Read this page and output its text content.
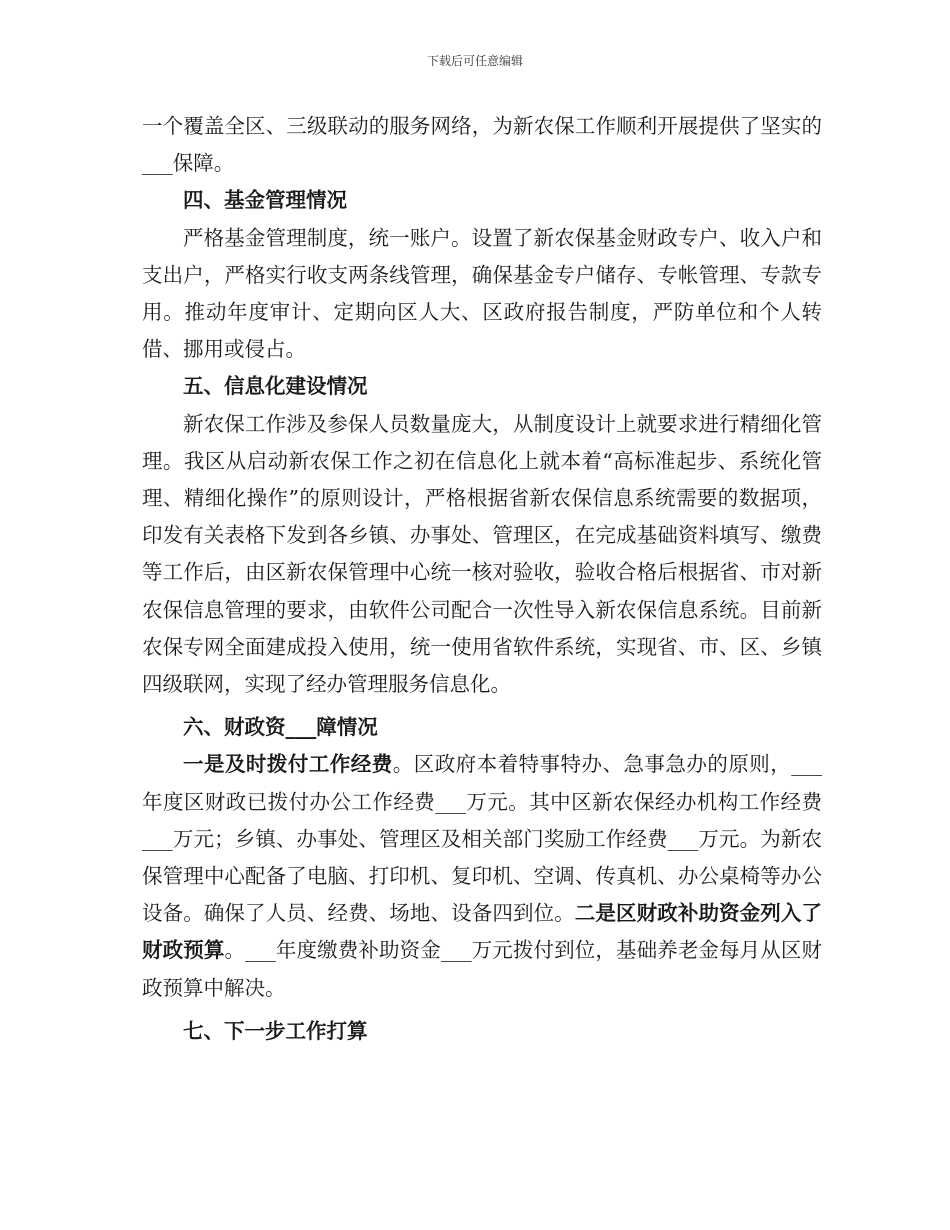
下载后可任意编辑

一个覆盖全区、三级联动的服务网络，为新农保工作顺利开展提供了坚实的___保障。

四、基金管理情况

严格基金管理制度，统一账户。设置了新农保基金财政专户、收入户和支出户，严格实行收支两条线管理，确保基金专户储存、专帐管理、专款专用。推动年度审计、定期向区人大、区政府报告制度，严防单位和个人转借、挪用或侵占。

五、信息化建设情况

新农保工作涉及参保人员数量庞大，从制度设计上就要求进行精细化管理。我区从启动新农保工作之初在信息化上就本着“高标准起步、系统化管理、精细化操作”的原则设计，严格根据省新农保信息系统需要的数据项，印发有关表格下发到各乡镇、办事处、管理区，在完成基础资料填写、缴费等工作后，由区新农保管理中心统一核对验收，验收合格后根据省、市对新农保信息管理的要求，由软件公司配合一次性导入新农保信息系统。目前新农保专网全面建成投入使用，统一使用省软件系统，实现省、市、区、乡镇四级联网，实现了经办管理服务信息化。

六、财政资___障情况

一是及时拨付工作经费。区政府本着特事特办、急事急办的原则，___年度区财政已拨付办公工作经费___万元。其中区新农保经办机构工作经费___万元；乡镇、办事处、管理区及相关部门奖励工作经费___万元。为新农保管理中心配备了电脑、打印机、复印机、空调、传真机、办公桌椅等办公设备。确保了人员、经费、场地、设备四到位。二是区财政补助资金列入了财政预算。___年度缴费补助资金___万元拨付到位，基础养老金每月从区财政预算中解决。

七、下一步工作打算
